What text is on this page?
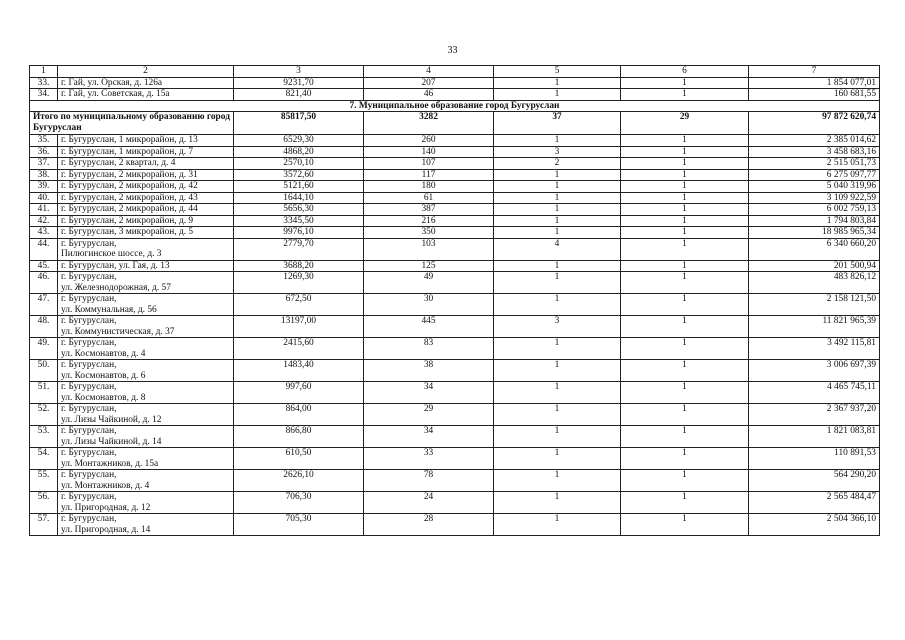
33
1	2	3	4	5	6	7
33.	г. Гай, ул. Орская, д. 126а	9231,70	207	1	1	1 854 077,01
34.	г. Гай, ул. Советская, д. 15а	821,40	46	1	1	160 681,55
7. Муниципальное образование город Бугуруслан						
Итого по муниципальному образованию город Бугуруслан		85817,50	3282	37	29	97 872 620,74
35.	г. Бугуруслан, 1 микрорайон, д. 13	6529,30	260	1	1	2 385 014,62
36.	г. Бугуруслан, 1 микрорайон, д. 7	4868,20	140	3	1	3 458 683,16
37.	г. Бугуруслан, 2 квартал, д. 4	2570,10	107	2	1	2 515 051,73
38.	г. Бугуруслан, 2 микрорайон, д. 31	3572,60	117	1	1	6 275 097,77
39.	г. Бугуруслан, 2 микрорайон, д. 42	5121,60	180	1	1	5 040 319,96
40.	г. Бугуруслан, 2 микрорайон, д. 43	1644,10	61	1	1	3 109 922,59
41.	г. Бугуруслан, 2 микрорайон, д. 44	5656,30	387	1	1	6 002 759,13
42.	г. Бугуруслан, 2 микрорайон, д. 9	3345,50	216	1	1	1 794 803,84
43.	г. Бугуруслан, 3 микрорайон, д. 5	9976,10	350	1	1	18 985 965,34
44.	г. Бугуруслан,
Пилюгинское шоссе, д. 3	2779,70	103	4	1	6 340 660,20
45.	г. Бугуруслан, ул. Гая, д. 13	3688,20	125	1	1	201 500,94
46.	г. Бугуруслан,
ул. Железнодорожная, д. 57	1269,30	49	1	1	483 826,12
47.	г. Бугуруслан,
ул. Коммунальная, д. 56	672,50	30	1	1	2 158 121,50
48.	г. Бугуруслан,
ул. Коммунистическая, д. 37	13197,00	445	3	1	11 821 965,39
49.	г. Бугуруслан,
ул. Космонавтов, д. 4	2415,60	83	1	1	3 492 115,81
50.	г. Бугуруслан,
ул. Космонавтов, д. 6	1483,40	38	1	1	3 006 697,39
51.	г. Бугуруслан,
ул. Космонавтов, д. 8	997,60	34	1	1	4 465 745,11
52.	г. Бугуруслан,
ул. Лизы Чайкиной, д. 12	864,00	29	1	1	2 367 937,20
53.	г. Бугуруслан,
ул. Лизы Чайкиной, д. 14	866,80	34	1	1	1 821 083,81
54.	г. Бугуруслан,
ул. Монтажников, д. 15а	610,50	33	1	1	110 891,53
55.	г. Бугуруслан,
ул. Монтажников, д. 4	2626,10	78	1	1	564 290,20
56.	г. Бугуруслан,
ул. Пригородная, д. 12	706,30	24	1	1	2 565 484,47
57.	г. Бугуруслан,
ул. Пригородная, д. 14	705,30	28	1	1	2 504 366,10
